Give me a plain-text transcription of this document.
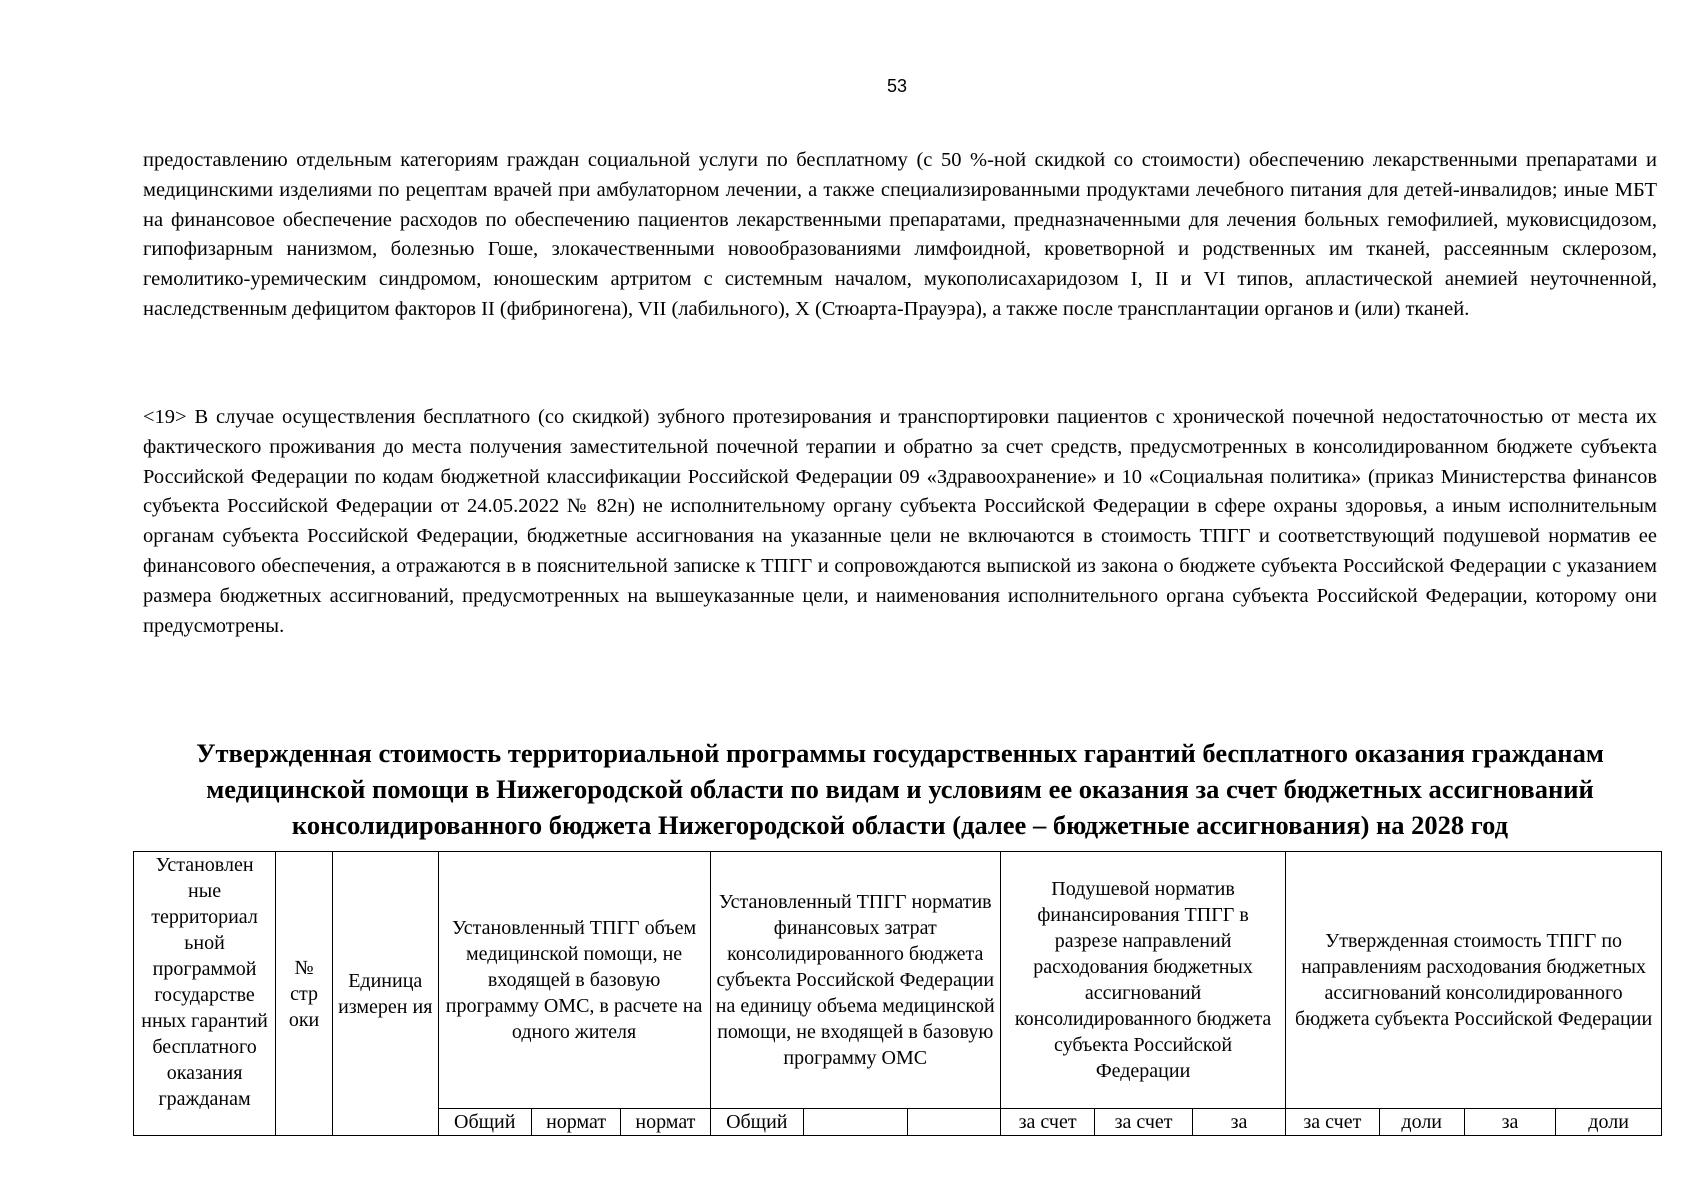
53

предоставлению отдельным категориям граждан социальной услуги по бесплатному (с 50 %-ной скидкой со стоимости) обеспечению лекарственными препаратами и медицинскими изделиями по рецептам врачей при амбулаторном лечении, а также специализированными продуктами лечебного питания для детей-инвалидов; иные МБТ на финансовое обеспечение расходов по обеспечению пациентов лекарственными препаратами, предназначенными для лечения больных гемофилией, муковисцидозом, гипофизарным нанизмом, болезнью Гоше, злокачественными новообразованиями лимфоидной, кроветворной и родственных им тканей, рассеянным склерозом, гемолитико-уремическим синдромом, юношеским артритом с системным началом, мукополисахаридозом I, II и VI типов, апластической анемией неуточненной, наследственным дефицитом факторов II (фибриногена), VII (лабильного), X (Стюарта-Прауэра), а также после трансплантации органов и (или) тканей.

<19> В случае осуществления бесплатного (со скидкой) зубного протезирования и транспортировки пациентов с хронической почечной недостаточностью от места их фактического проживания до места получения заместительной почечной терапии и обратно за счет средств, предусмотренных в консолидированном бюджете субъекта Российской Федерации по кодам бюджетной классификации Российской Федерации 09 «Здравоохранение» и 10 «Социальная политика» (приказ Министерства финансов субъекта Российской Федерации от 24.05.2022 № 82н) не исполнительному органу субъекта Российской Федерации в сфере охраны здоровья, а иным исполнительным органам субъекта Российской Федерации, бюджетные ассигнования на указанные цели не включаются в стоимость ТПГГ и соответствующий подушевой норматив ее финансового обеспечения, а отражаются в в пояснительной записке к ТПГГ и сопровождаются выпиской из закона о бюджете субъекта Российской Федерации с указанием размера бюджетных ассигнований, предусмотренных на вышеуказанные цели, и наименования исполнительного органа субъекта Российской Федерации, которому они предусмотрены.

Утвержденная стоимость территориальной программы государственных гарантий бесплатного оказания гражданам медицинской помощи в Нижегородской области по видам и условиям ее оказания за счет бюджетных ассигнований консолидированного бюджета Нижегородской области (далее – бюджетные ассигнования) на 2028 год
Установлен ные территориал ьной программой государстве нных гарантий бесплатного оказания гражданам	№ стр оки	Единица измерен ия	Установленный ТПГГ объем медицинской помощи, не входящей в базовую программу ОМС, в расчете на одного жителя			Установленный ТПГГ норматив финансовых затрат консолидированного бюджета субъекта Российской Федерации на единицу объема медицинской помощи, не входящей в базовую программу ОМС			Подушевой норматив финансирования ТПГГ в разрезе направлений расходования бюджетных ассигнований консолидированного бюджета субъекта Российской Федерации			Утвержденная стоимость ТПГГ по направлениям расходования бюджетных ассигнований консолидированного бюджета субъекта Российской Федерации			

			Общий	нормат	нормат	Общий			за счет	за счет	за	за счет	доли	за	доли
